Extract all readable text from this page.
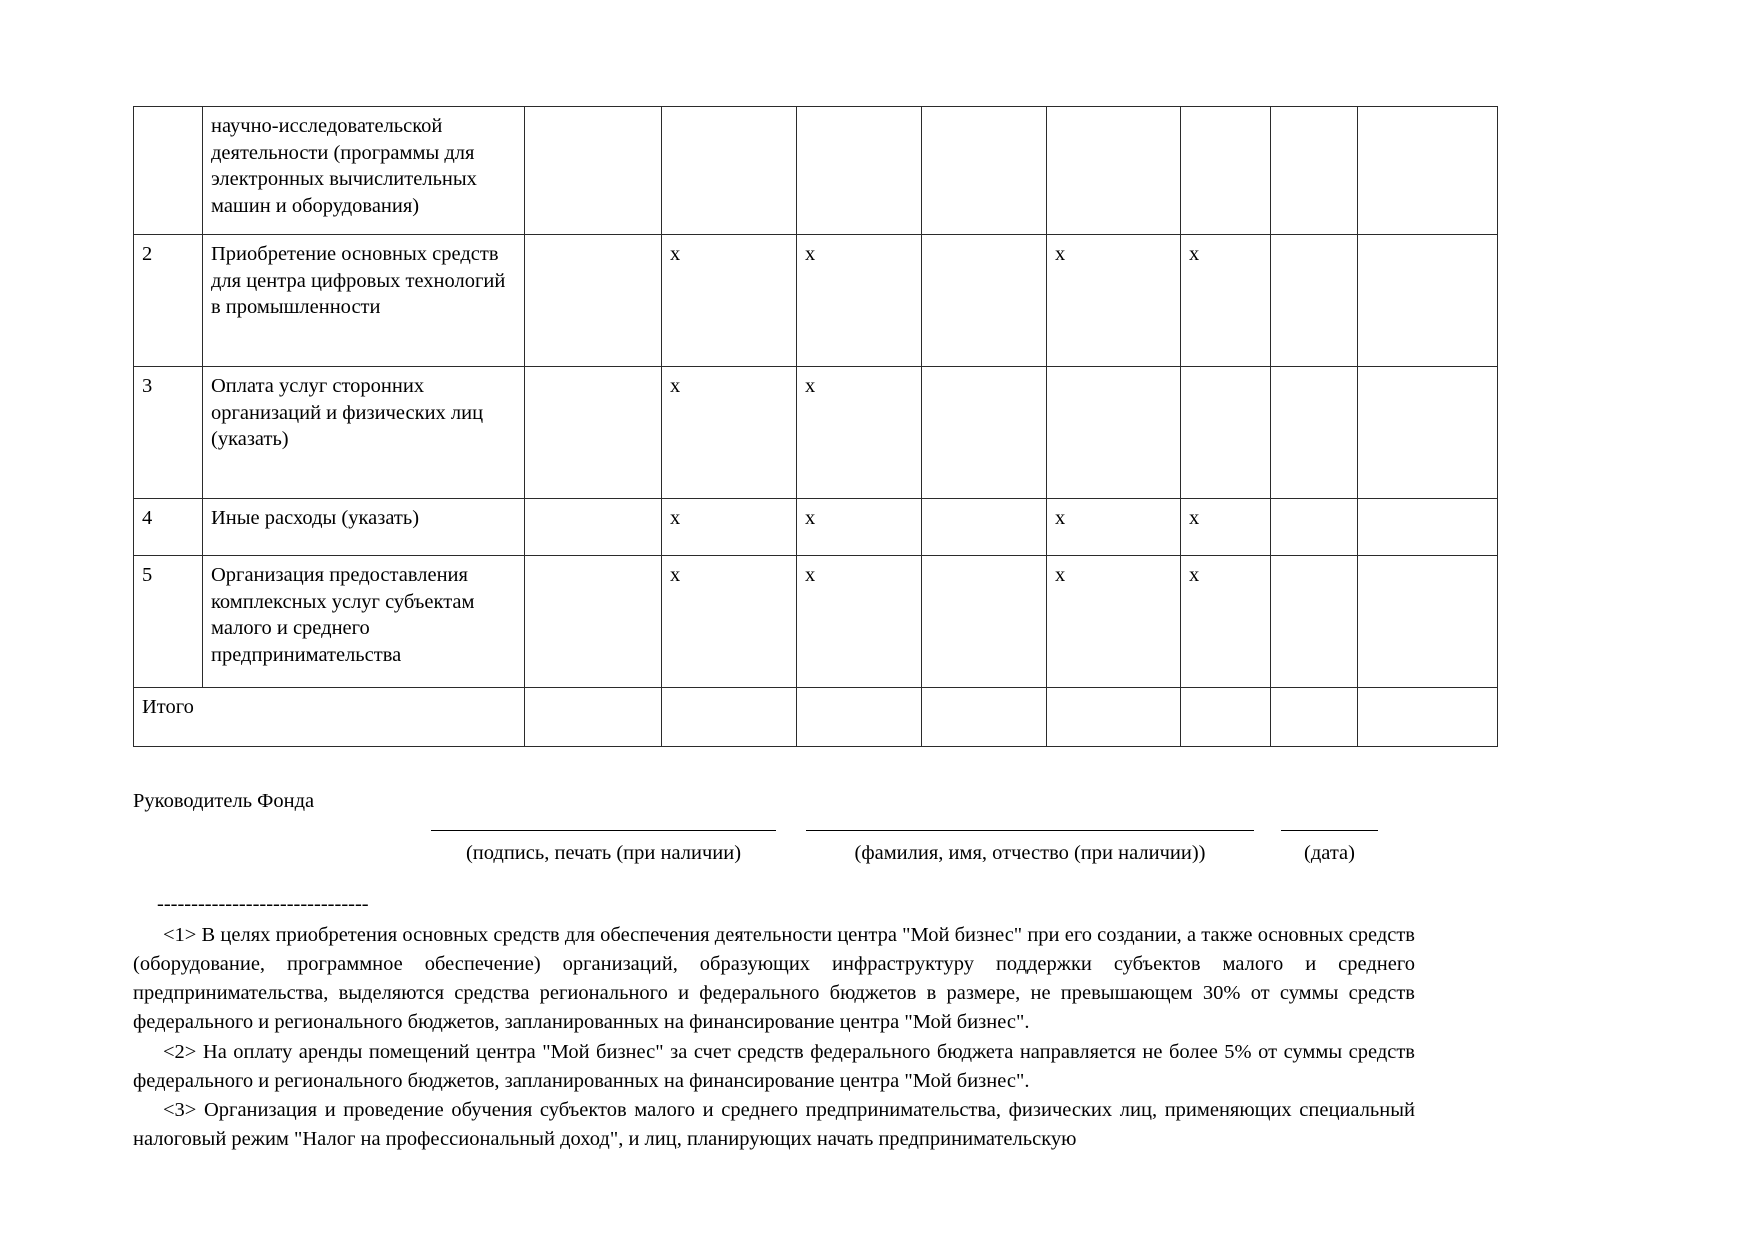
	научно-исследовательской деятельности (программы для электронных вычислительных машин и оборудования)								
2	Приобретение основных средств для центра цифровых технологий в промышленности		x	x		x	x		
3	Оплата услуг сторонних организаций и физических лиц (указать)		x	x					
4	Иные расходы (указать)		x	x		x	x		
5	Организация предоставления комплексных услуг субъектам малого и среднего предпринимательства		x	x		x	x		
Итого									
Руководитель Фонда
(подпись, печать (при наличии)	(фамилия, имя, отчество (при наличии))	(дата)
-------------------------------

<1> В целях приобретения основных средств для обеспечения деятельности центра "Мой бизнес" при его создании, а также основных средств (оборудование, программное обеспечение) организаций, образующих инфраструктуру поддержки субъектов малого и среднего предпринимательства, выделяются средства регионального и федерального бюджетов в размере, не превышающем 30% от суммы средств федерального и регионального бюджетов, запланированных на финансирование центра "Мой бизнес".

<2> На оплату аренды помещений центра "Мой бизнес" за счет средств федерального бюджета направляется не более 5% от суммы средств федерального и регионального бюджетов, запланированных на финансирование центра "Мой бизнес".

<3> Организация и проведение обучения субъектов малого и среднего предпринимательства, физических лиц, применяющих специальный налоговый режим "Налог на профессиональный доход", и лиц, планирующих начать предпринимательскую
